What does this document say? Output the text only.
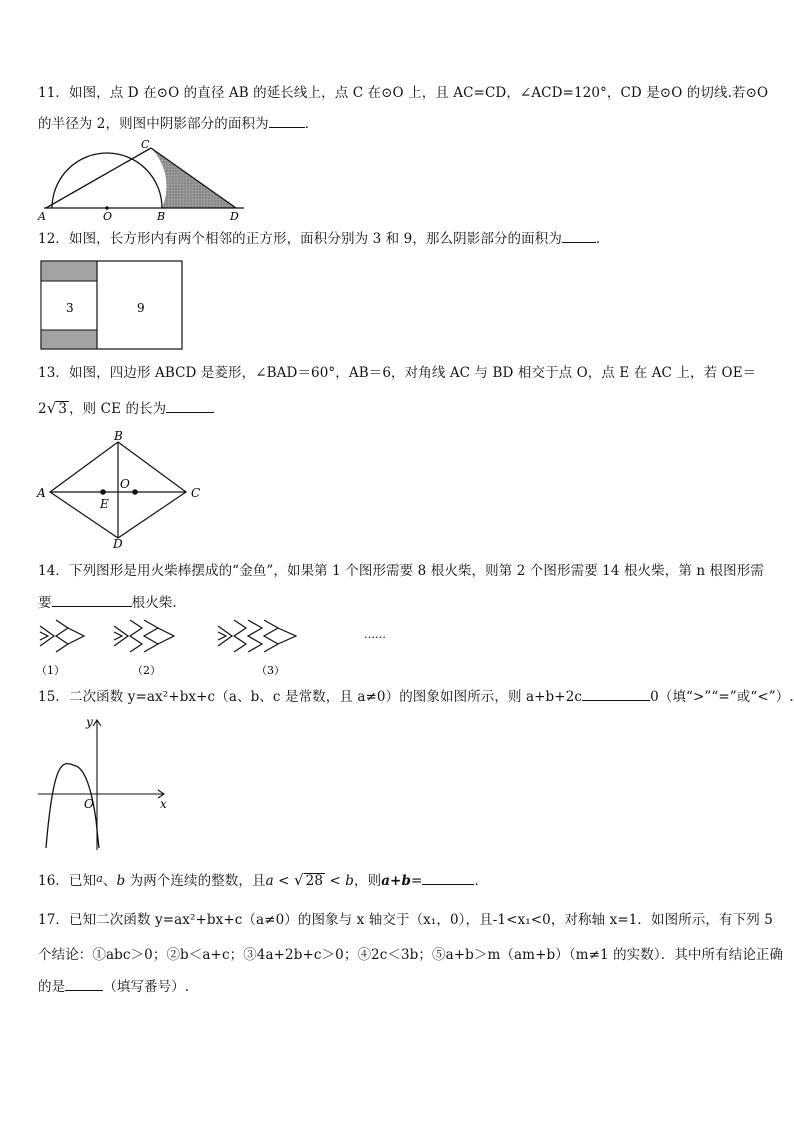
11．如图，点 D 在⊙O 的直径 AB 的延长线上，点 C 在⊙O 上，且 AC=CD，∠ACD=120°，CD 是⊙O 的切线.若⊙O
的半径为 2，则图中阴影部分的面积为	．
A	O	B	D
C
12．如图，长方形内有两个相邻的正方形，面积分别为 3 和 9，那么阴影部分的面积为	．
3	9
13．如图，四边形 ABCD 是菱形，∠BAD＝60°，AB＝6，对角线 AC 与 BD 相交于点 O，点 E 在 AC 上，若 OE＝
2√ 3 ，则 CE 的长为
A
B
C
D
O
E
14．下列图形是用火柴棒摆成的“金鱼”，如果第 1 个图形需要 8 根火柴，则第 2 个图形需要 14 根火柴，第 n 根图形需
要	根火柴.
……
（1）	（2）	（3）
15．二次函数 y=ax²+bx+c（a、b、c 是常数，且 a≠0）的图象如图所示，则 a+b+2c	0（填“>”“=”或“<”）.
y
x
O
16．已知$^a$、b 为两个连续的整数，且a < √ 28 < b，则a+b=	．
17．已知二次函数 y=ax²+bx+c（a≠0）的图象与 x 轴交于（x₁，0），且-1<x₁<0，对称轴 x=1．如图所示，有下列 5
个结论：①abc＞0；②b＜a+c；③4a+2b+c＞0；④2c＜3b；⑤a+b＞m（am+b）（m≠1 的实数）．其中所有结论正确
的是	（填写番号）.
